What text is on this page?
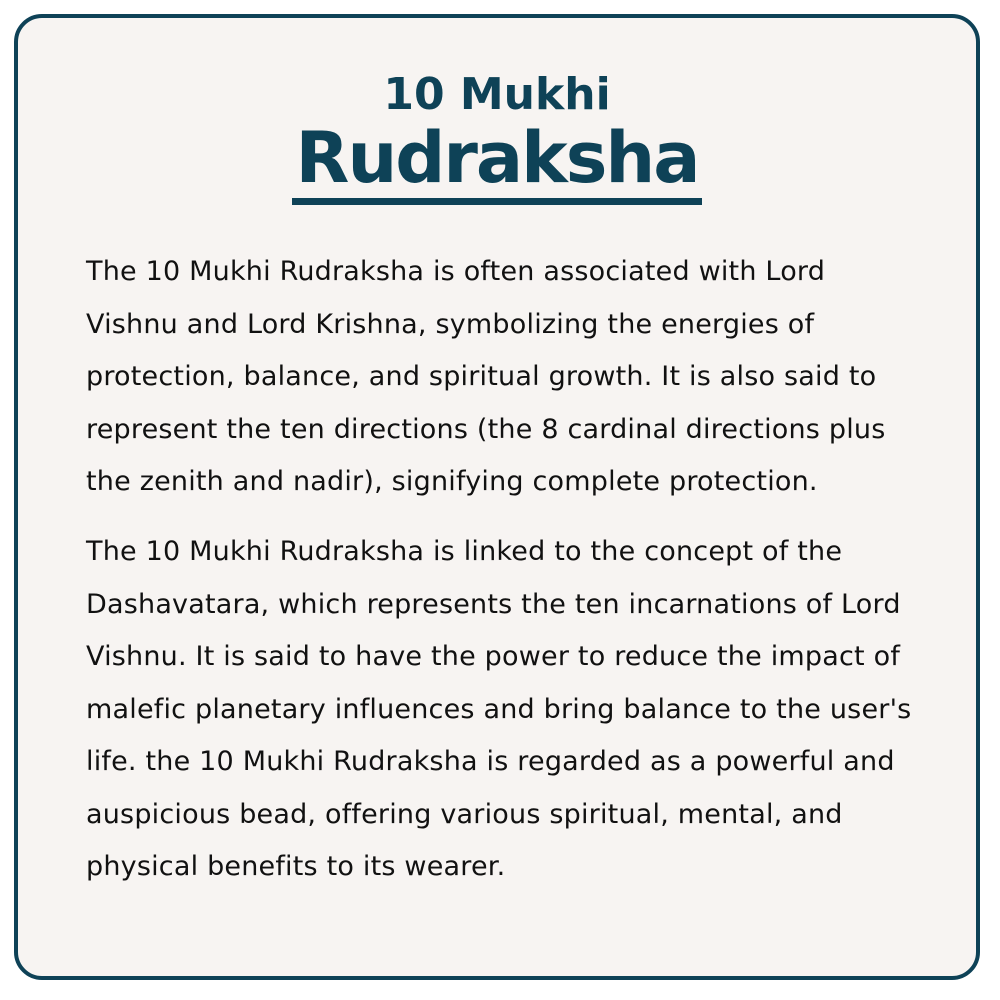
10 Mukhi
Rudraksha

The 10 Mukhi Rudraksha is often associated with Lord Vishnu and Lord Krishna, symbolizing the energies of protection, balance, and spiritual growth. It is also said to represent the ten directions (the 8 cardinal directions plus the zenith and nadir), signifying complete protection.

The 10 Mukhi Rudraksha is linked to the concept of the Dashavatara, which represents the ten incarnations of Lord Vishnu. It is said to have the power to reduce the impact of malefic planetary influences and bring balance to the user's life. the 10 Mukhi Rudraksha is regarded as a powerful and auspicious bead, offering various spiritual, mental, and physical benefits to its wearer.
